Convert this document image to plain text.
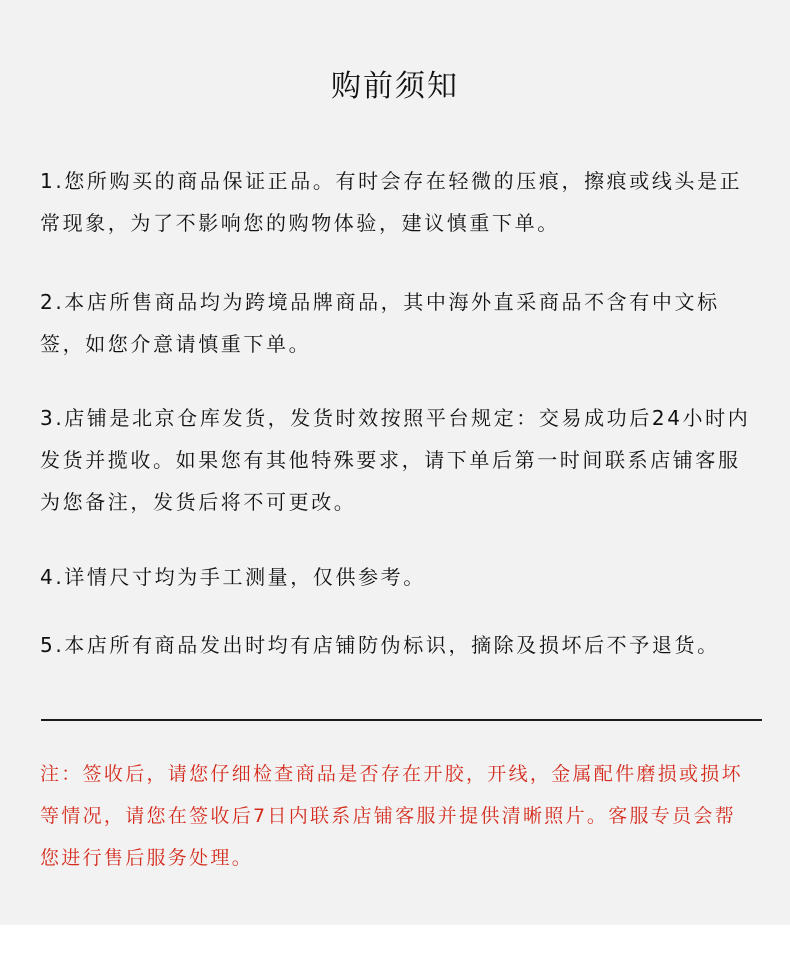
购前须知

1.您所购买的商品保证正品。有时会存在轻微的压痕，擦痕或线头是正
常现象，为了不影响您的购物体验，建议慎重下单。

2.本店所售商品均为跨境品牌商品，其中海外直采商品不含有中文标
签，如您介意请慎重下单。

3.店铺是北京仓库发货，发货时效按照平台规定：交易成功后24小时内
发货并揽收。如果您有其他特殊要求，请下单后第一时间联系店铺客服
为您备注，发货后将不可更改。

4.详情尺寸均为手工测量，仅供参考。

5.本店所有商品发出时均有店铺防伪标识，摘除及损坏后不予退货。

注：签收后，请您仔细检查商品是否存在开胶，开线，金属配件磨损或损坏
等情况，请您在签收后7日内联系店铺客服并提供清晰照片。客服专员会帮
您进行售后服务处理。
